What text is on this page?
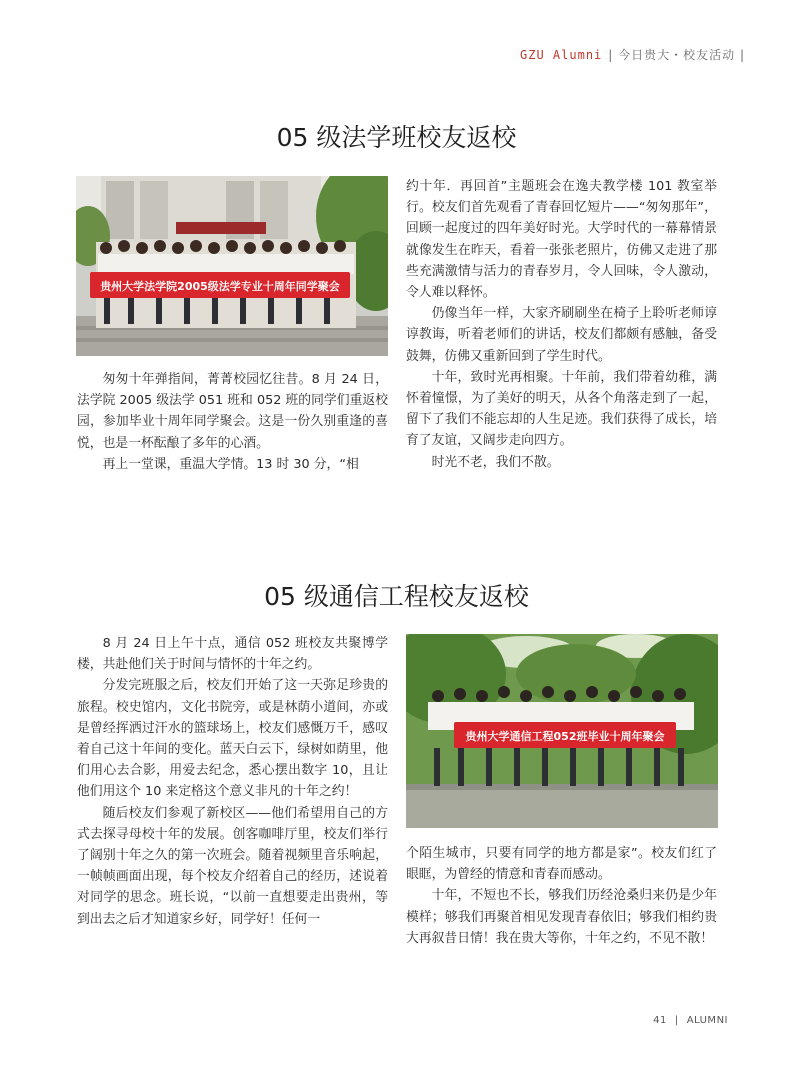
GZU Alumni | 今日贵大・校友活动 |
05 级法学班校友返校
贵州大学法学院2005级法学专业十周年同学聚会

匆匆十年弹指间，菁菁校园忆往昔。8 月 24 日，法学院 2005 级法学 051 班和 052 班的同学们重返校园，参加毕业十周年同学聚会。这是一份久别重逢的喜悦，也是一杯酝酿了多年的心酒。

再上一堂课，重温大学情。13 时 30 分，“相

约十年．再回首”主题班会在逸夫教学楼 101 教室举行。校友们首先观看了青春回忆短片——“匆匆那年”，回顾一起度过的四年美好时光。大学时代的一幕幕情景就像发生在昨天，看着一张张老照片，仿佛又走进了那些充满激情与活力的青春岁月，令人回味，令人激动，令人难以释怀。

仍像当年一样，大家齐刷刷坐在椅子上聆听老师谆谆教诲，听着老师们的讲话，校友们都颇有感触，备受鼓舞，仿佛又重新回到了学生时代。

十年，致时光再相聚。十年前，我们带着幼稚，满怀着憧憬，为了美好的明天，从各个角落走到了一起，留下了我们不能忘却的人生足迹。我们获得了成长，培育了友谊，又阔步走向四方。

时光不老，我们不散。

05 级通信工程校友返校

8 月 24 日上午十点，通信 052 班校友共聚博学楼，共赴他们关于时间与情怀的十年之约。

分发完班服之后，校友们开始了这一天弥足珍贵的旅程。校史馆内，文化书院旁，或是林荫小道间，亦或是曾经挥洒过汗水的篮球场上，校友们感慨万千，感叹着自己这十年间的变化。蓝天白云下，绿树如荫里，他们用心去合影，用爱去纪念，悉心摆出数字 10，且让他们用这个 10 来定格这个意义非凡的十年之约！

随后校友们参观了新校区——他们希望用自己的方式去探寻母校十年的发展。创客咖啡厅里，校友们举行了阔别十年之久的第一次班会。随着视频里音乐响起，一帧帧画面出现，每个校友介绍着自己的经历，述说着对同学的思念。班长说，“以前一直想要走出贵州，等到出去之后才知道家乡好，同学好！任何一

贵州大学通信工程052班毕业十周年聚会

个陌生城市，只要有同学的地方都是家”。校友们红了眼眶，为曾经的情意和青春而感动。

十年，不短也不长，够我们历经沧桑归来仍是少年模样；够我们再聚首相见发现青春依旧；够我们相约贵大再叙昔日情！我在贵大等你，十年之约，不见不散！

41 | ALUMNI
